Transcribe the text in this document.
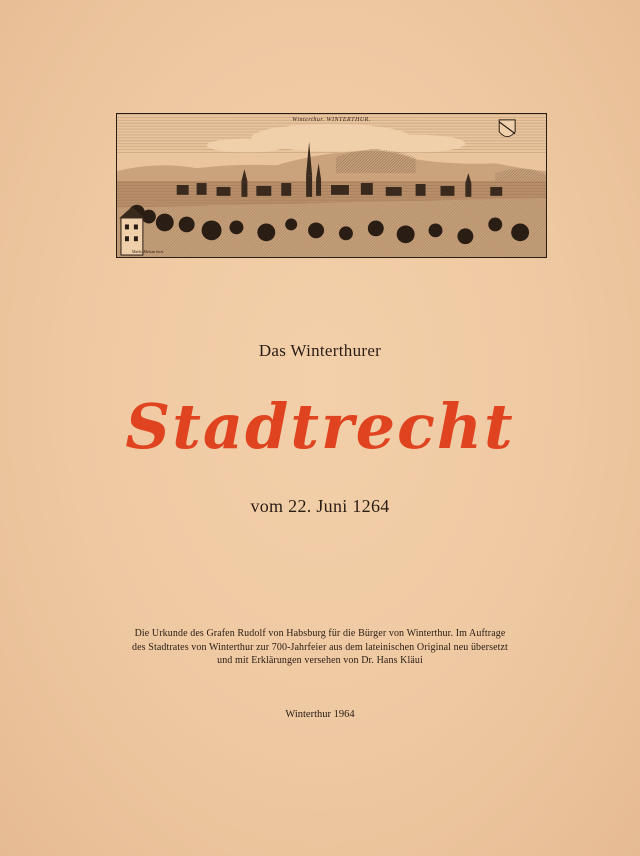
Winterthur. WINTERTHUR.
Matth. Merian fecit
Das Winterthurer
Stadtrecht
vom 22. Juni 1264
Die Urkunde des Grafen Rudolf von Habsburg für die Bürger von Winterthur. Im Auftrage
des Stadtrates von Winterthur zur 700-Jahrfeier aus dem lateinischen Original neu übersetzt
und mit Erklärungen versehen von Dr. Hans Kläui
Winterthur 1964
